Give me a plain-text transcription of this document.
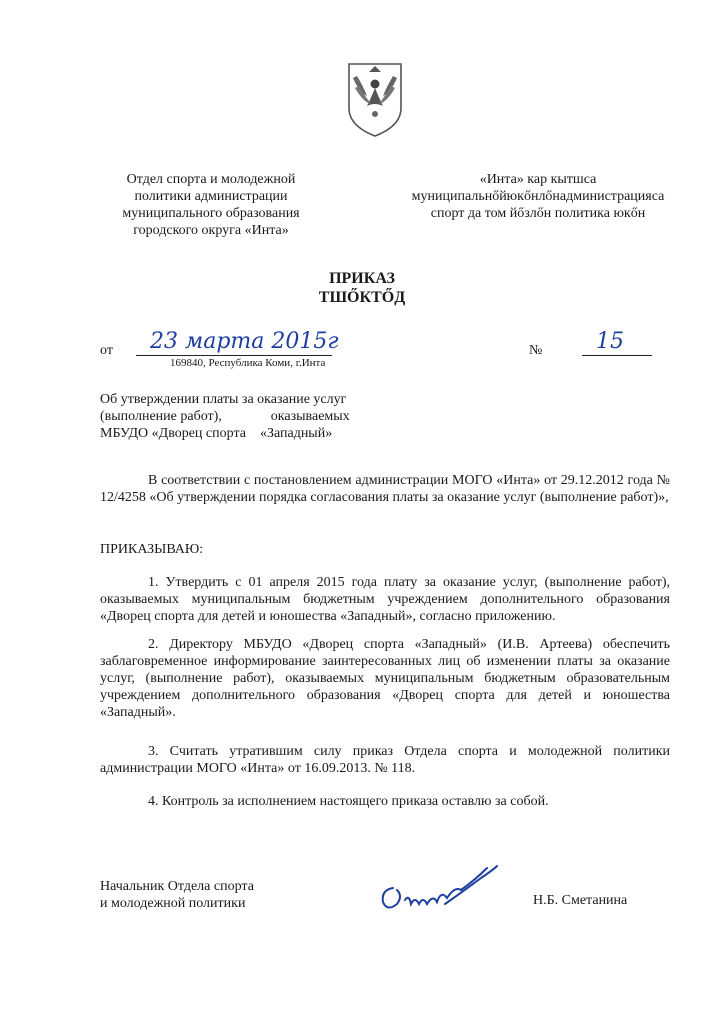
Отдел спорта и молодежной
политики администрации
муниципального образования
городского округа «Инта»
«Инта» кар кытшса
муниципальнőйюкőнлőнадминистрацияса
спорт да том йőзлőн политика юкőн
ПРИКАЗ
ТШŐКТŐД
от 23 марта 2015г
169840, Республика Коми, г.Инта
№ 15
Об утверждении платы за оказание услуг
(выполнение работ),              оказываемых
МБУДО «Дворец спорта    «Западный»
В соответствии с постановлением администрации МОГО «Инта» от 29.12.2012 года № 12/4258 «Об утверждении порядка согласования платы за оказание услуг (выполнение работ)»,
ПРИКАЗЫВАЮ:
1. Утвердить с 01 апреля 2015 года плату за оказание услуг, (выполнение работ), оказываемых муниципальным бюджетным учреждением дополнительного образования «Дворец спорта для детей и юношества «Западный», согласно приложению.
2. Директору МБУДО «Дворец спорта «Западный» (И.В. Артеева) обеспечить заблаговременное информирование заинтересованных лиц об изменении платы за оказание услуг, (выполнение работ), оказываемых муниципальным бюджетным образовательным учреждением дополнительного образования «Дворец спорта для детей и юношества «Западный».
3. Считать утратившим силу приказ Отдела спорта и молодежной политики администрации МОГО «Инта» от 16.09.2013. № 118.
4. Контроль за исполнением настоящего приказа оставлю за собой.
Начальник Отдела спорта
и молодежной политики	Н.Б. Сметанина
